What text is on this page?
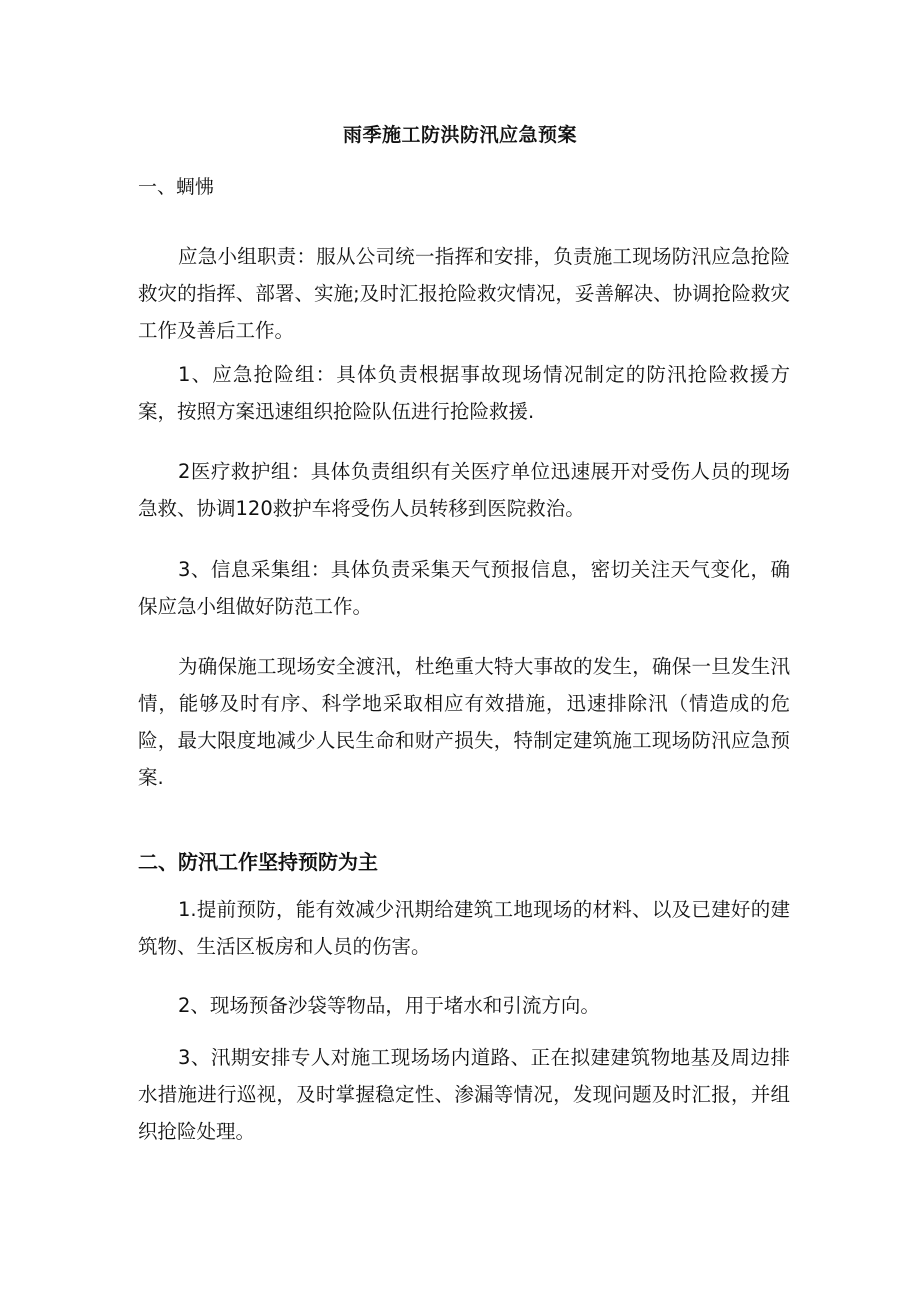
雨季施工防洪防汛应急预案
一、蜩怫
应急小组职责：服从公司统一指挥和安排，负责施工现场防汛应急抢险救灾的指挥、部署、实施;及时汇报抢险救灾情况，妥善解决、协调抢险救灾工作及善后工作。
1、应急抢险组：具体负责根据事故现场情况制定的防汛抢险救援方案，按照方案迅速组织抢险队伍进行抢险救援.
2医疗救护组：具体负责组织有关医疗单位迅速展开对受伤人员的现场急救、协调120救护车将受伤人员转移到医院救治。
3、信息采集组：具体负责采集天气预报信息，密切关注天气变化，确保应急小组做好防范工作。
为确保施工现场安全渡汛，杜绝重大特大事故的发生，确保一旦发生汛情，能够及时有序、科学地采取相应有效措施，迅速排除汛（情造成的危险，最大限度地减少人民生命和财产损失，特制定建筑施工现场防汛应急预案.
二、防汛工作坚持预防为主
1.提前预防，能有效减少汛期给建筑工地现场的材料、以及已建好的建筑物、生活区板房和人员的伤害。
2、现场预备沙袋等物品，用于堵水和引流方向。
3、汛期安排专人对施工现场场内道路、正在拟建建筑物地基及周边排水措施进行巡视，及时掌握稳定性、渗漏等情况，发现问题及时汇报，并组织抢险处理。
